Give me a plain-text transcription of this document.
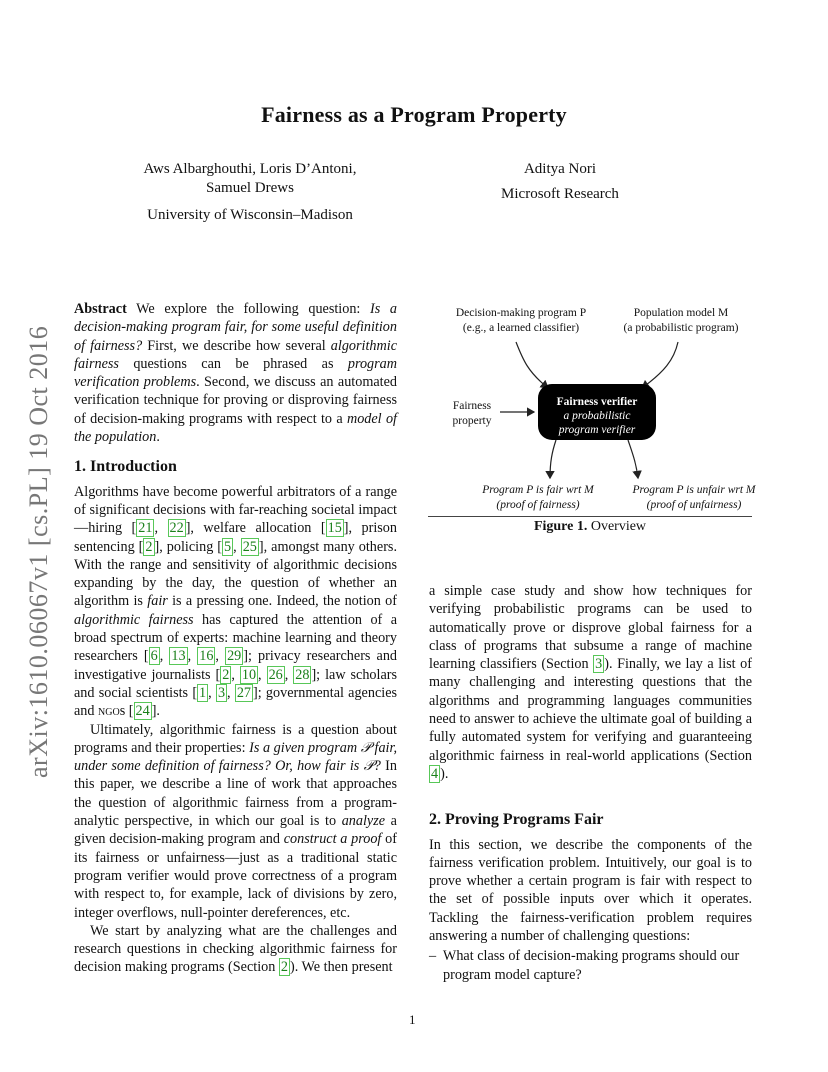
Fairness as a Program Property
Aws Albarghouthi, Loris D’Antoni,
Samuel Drews
University of Wisconsin–Madison
Aditya Nori
Microsoft Research
arXiv:1610.06067v1 [cs.PL] 19 Oct 2016

Abstract We explore the following question: Is a decision-making program fair, for some useful definition of fairness? First, we describe how several algorithmic fairness questions can be phrased as program verification problems. Second, we discuss an automated verification technique for proving or disproving fairness of decision-making programs with respect to a model of the population.

1. Introduction

Algorithms have become powerful arbitrators of a range of significant decisions with far-reaching societal impact—hiring [ 21 , 22 ], welfare allocation [ 15 ], prison sentencing [ 2 ], policing [ 5 , 25 ], amongst many others. With the range and sensitivity of algorithmic decisions expanding by the day, the question of whether an algorithm is fair is a pressing one. Indeed, the notion of algorithmic fairness has captured the attention of a broad spectrum of experts: machine learning and theory researchers [ 6 , 13 , 16 , 29 ]; privacy researchers and investigative journalists [ 2 , 10 , 26 , 28 ]; law scholars and social scientists [ 1 , 3 , 27 ]; governmental agencies and ngos [ 24 ].

Ultimately, algorithmic fairness is a question about programs and their properties: Is a given program 𝒫 fair, under some definition of fairness? Or, how fair is 𝒫? In this paper, we describe a line of work that approaches the question of algorithmic fairness from a program-analytic perspective, in which our goal is to analyze a given decision-making program and construct a proof of its fairness or unfairness—just as a traditional static program verifier would prove correctness of a program with respect to, for example, lack of divisions by zero, integer overflows, null-pointer dereferences, etc.

We start by analyzing what are the challenges and research questions in checking algorithmic fairness for decision making programs (Section 2 ). We then present

Decision-making program P
(e.g., a learned classifier)
Population model M
(a probabilistic program)
Fairness
property
Fairness verifier
a probabilistic
program verifier
Program P is fair wrt M
(proof of fairness)
Program P is unfair wrt M
(proof of unfairness)
Figure 1. Overview

a simple case study and show how techniques for verifying probabilistic programs can be used to automatically prove or disprove global fairness for a class of programs that subsume a range of machine learning classifiers (Section 3 ). Finally, we lay a list of many challenging and interesting questions that the algorithms and programming languages communities need to answer to achieve the ultimate goal of building a fully automated system for verifying and guaranteeing algorithmic fairness in real-world applications (Section 4 ).

2. Proving Programs Fair

In this section, we describe the components of the fairness verification problem. Intuitively, our goal is to prove whether a certain program is fair with respect to the set of possible inputs over which it operates. Tackling the fairness-verification problem requires answering a number of challenging questions:

–  What class of decision-making programs should our program model capture?

1
